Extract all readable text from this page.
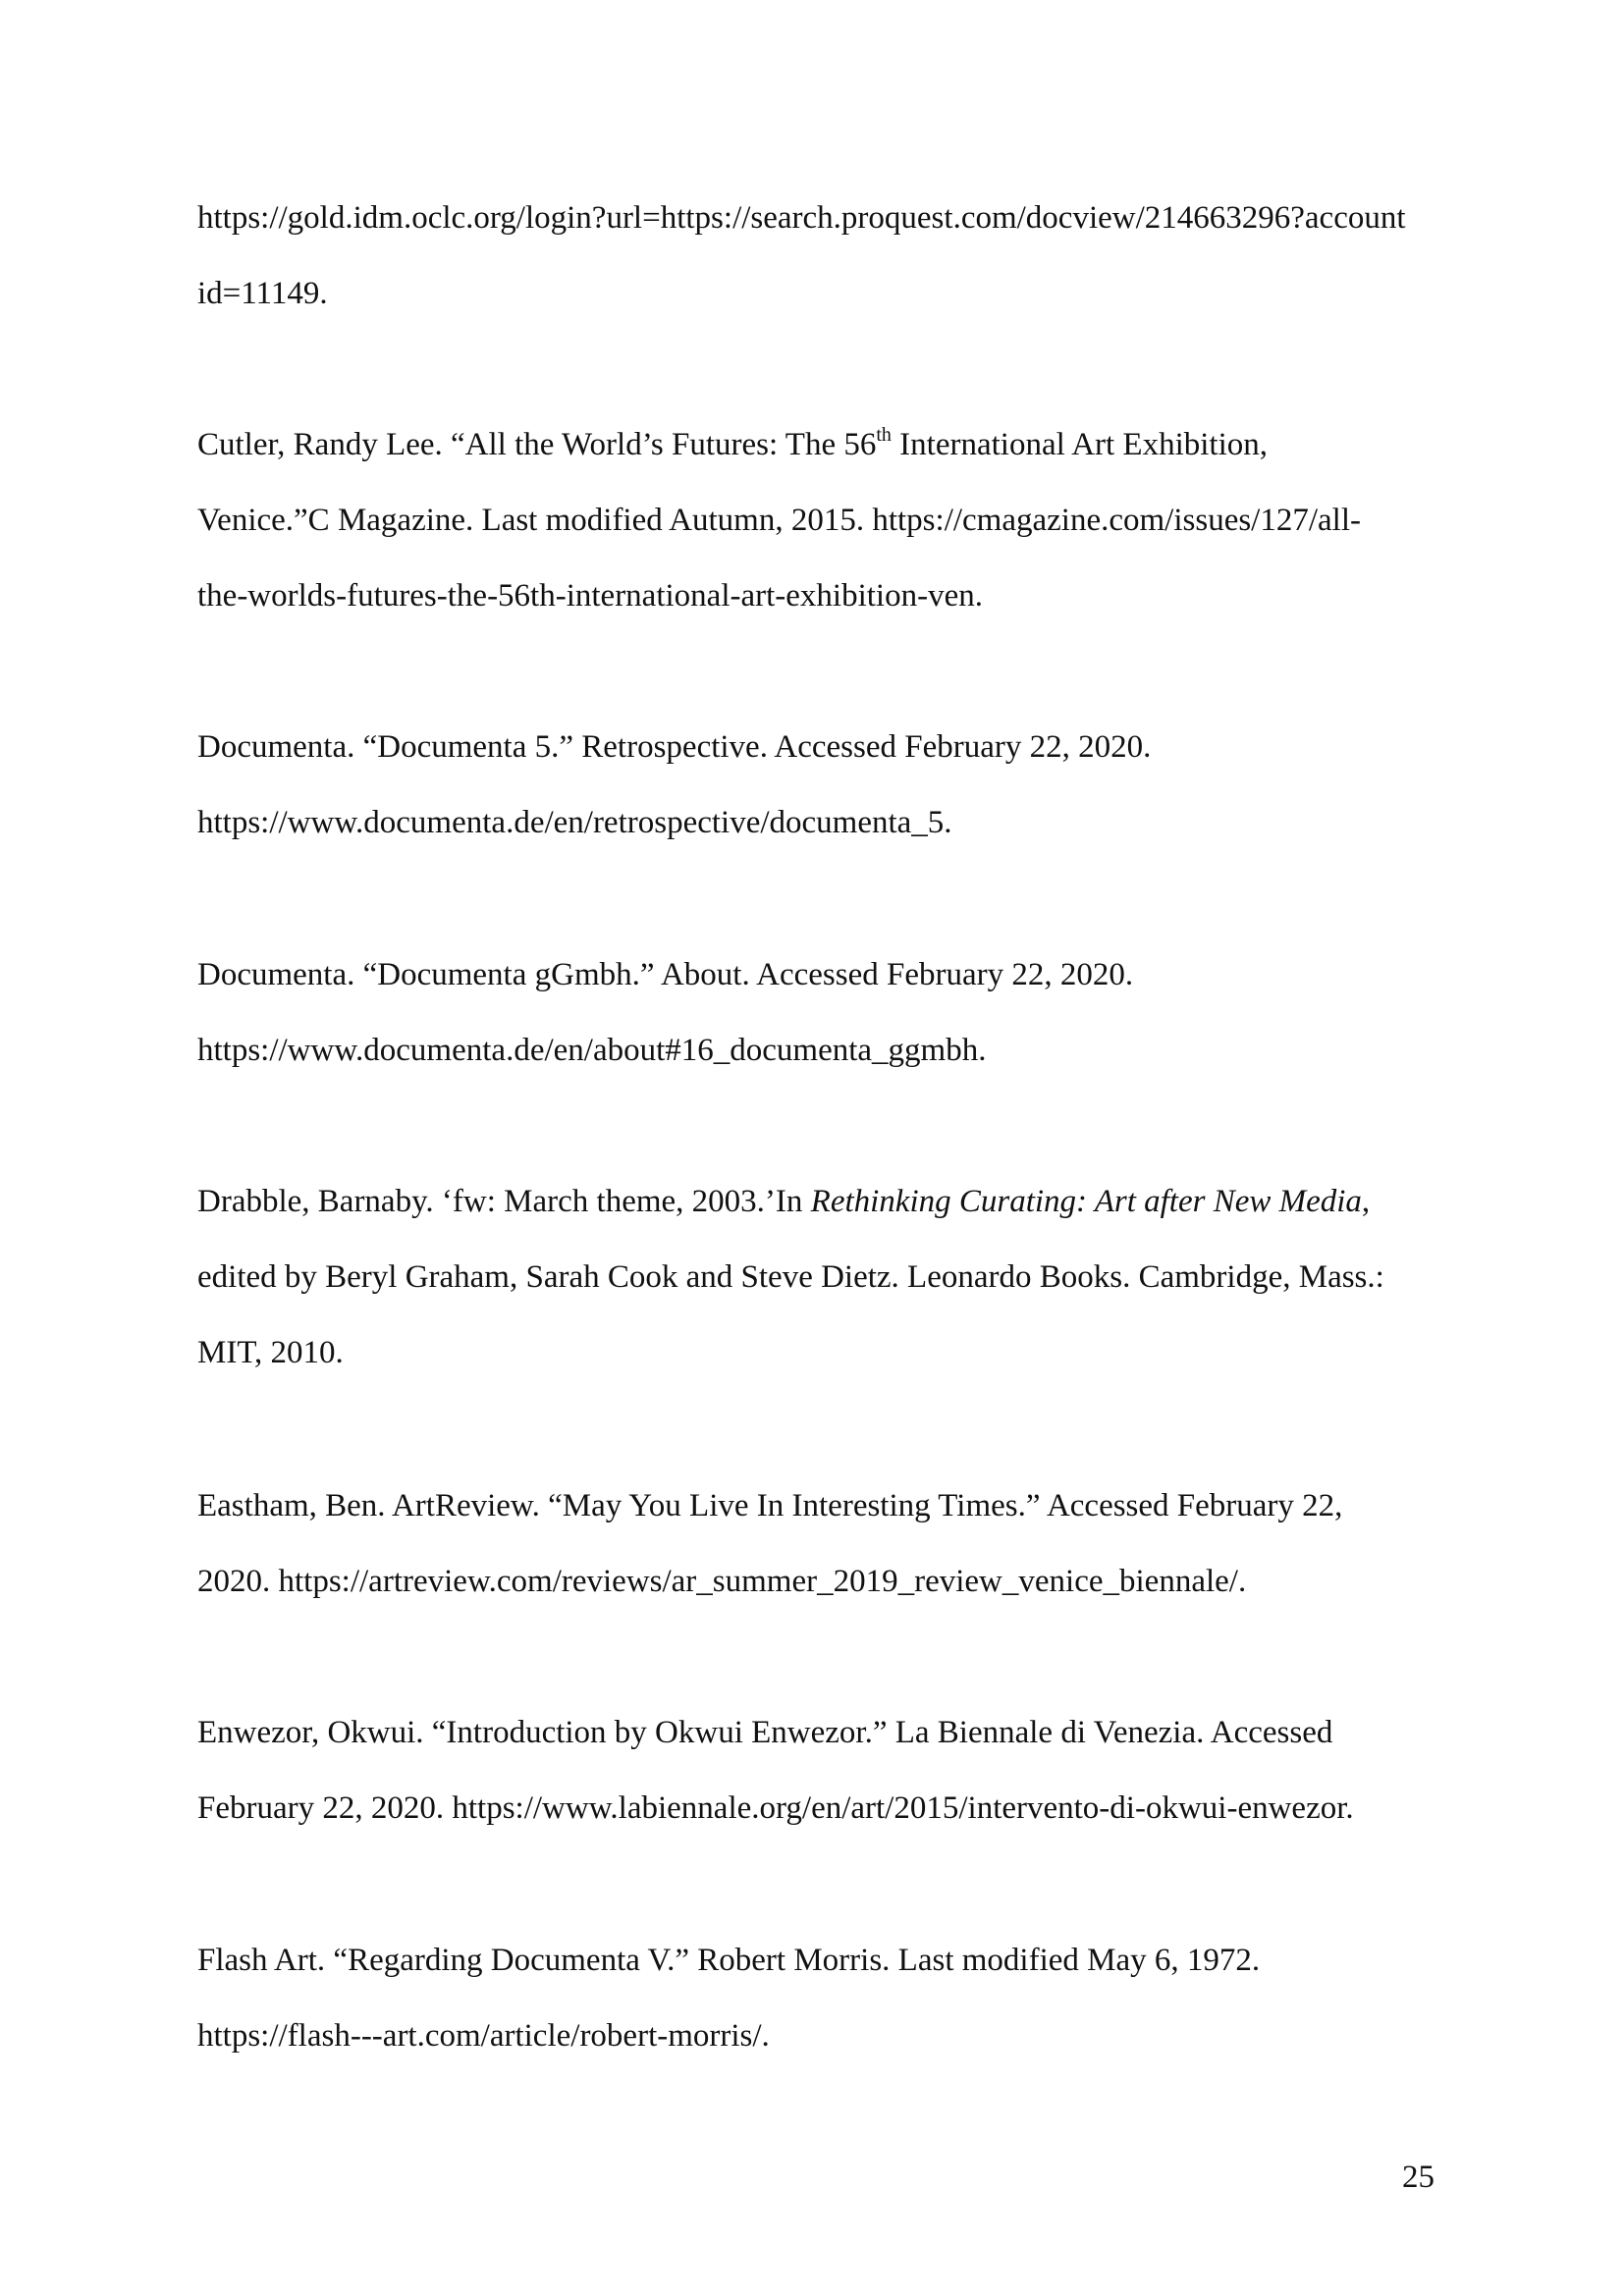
https://gold.idm.oclc.org/login?url=https://search.proquest.com/docview/214663296?account
id=11149.

Cutler, Randy Lee. “All the World’s Futures: The 56th International Art Exhibition,
Venice.”C Magazine. Last modified Autumn, 2015. https://cmagazine.com/issues/127/all-
the-worlds-futures-the-56th-international-art-exhibition-ven.

Documenta. “Documenta 5.” Retrospective. Accessed February 22, 2020.
https://www.documenta.de/en/retrospective/documenta_5.

Documenta. “Documenta gGmbh.” About. Accessed February 22, 2020.
https://www.documenta.de/en/about#16_documenta_ggmbh.

Drabble, Barnaby. ‘fw: March theme, 2003.’In Rethinking Curating: Art after New Media,
edited by Beryl Graham, Sarah Cook and Steve Dietz. Leonardo Books. Cambridge, Mass.:
MIT, 2010.

Eastham, Ben. ArtReview. “May You Live In Interesting Times.” Accessed February 22,
2020. https://artreview.com/reviews/ar_summer_2019_review_venice_biennale/.

Enwezor, Okwui. “Introduction by Okwui Enwezor.” La Biennale di Venezia. Accessed
February 22, 2020. https://www.labiennale.org/en/art/2015/intervento-di-okwui-enwezor.

Flash Art. “Regarding Documenta V.” Robert Morris. Last modified May 6, 1972.
https://flash---art.com/article/robert-morris/.

25
